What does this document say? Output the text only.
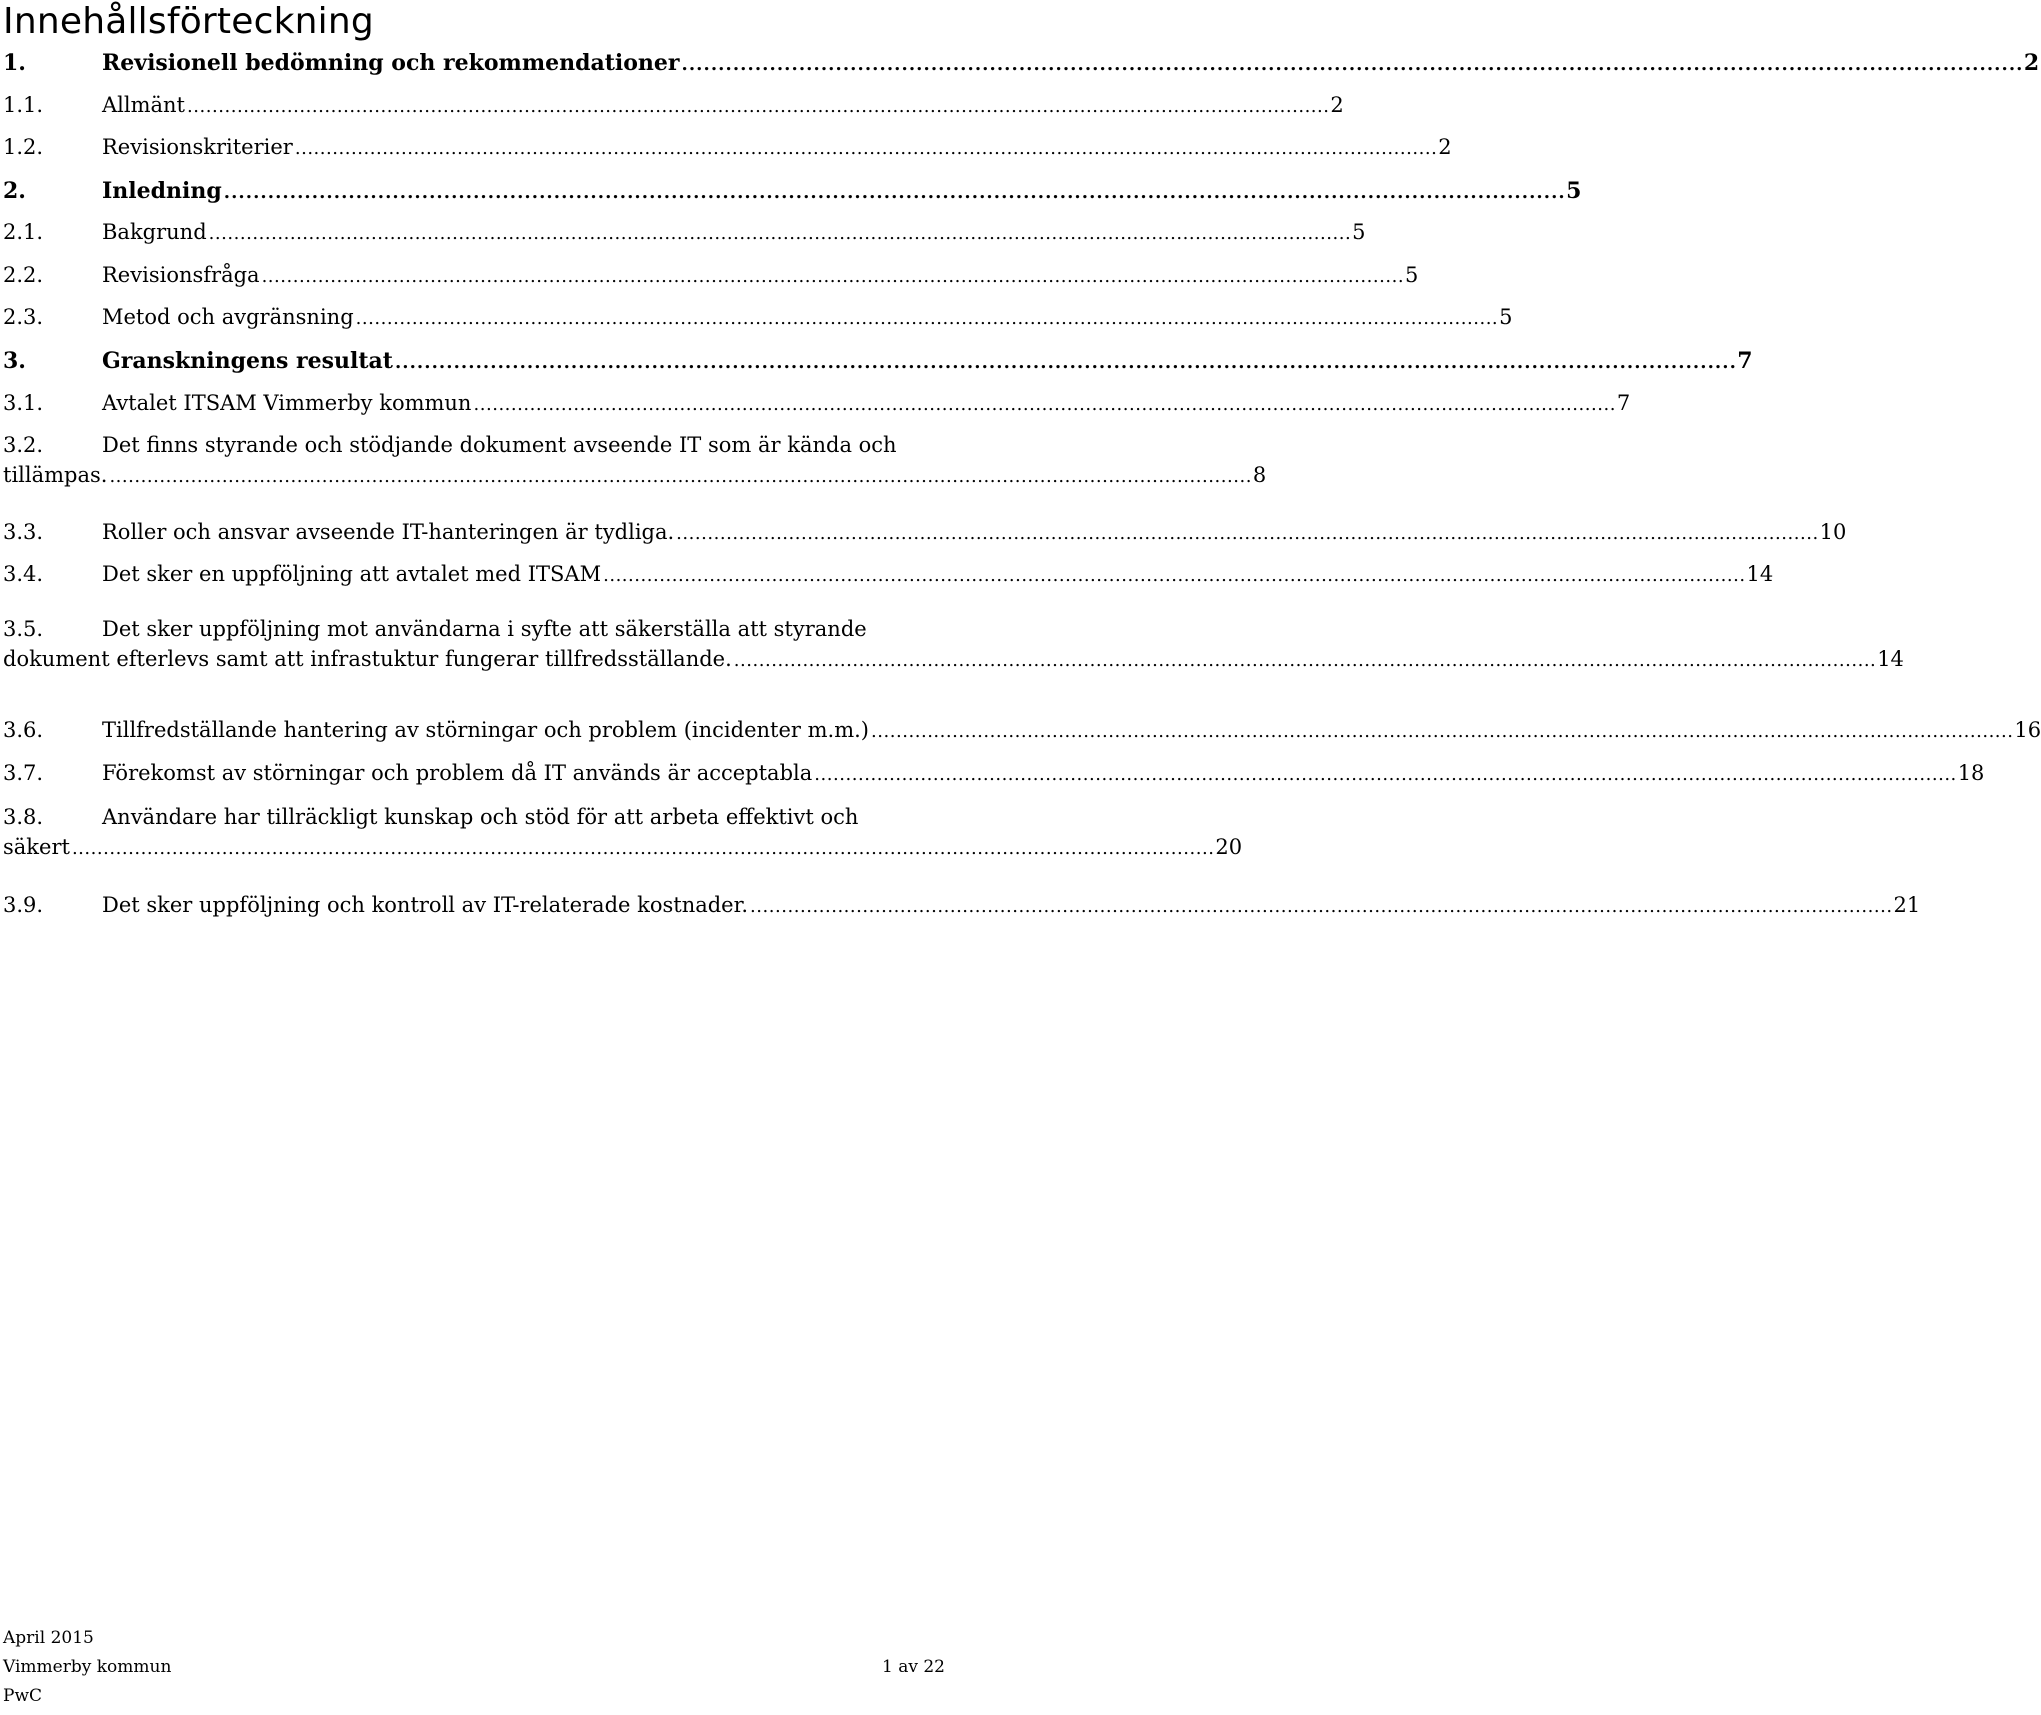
Innehållsförteckning
1.	Revisionell bedömning och rekommendationer . . .	2
1.1.	Allmänt . . .	2
1.2.	Revisionskriterier . . .	2
2.	Inledning . . .	5
2.1.	Bakgrund . . .	5
2.2.	Revisionsfråga . . .	5
2.3.	Metod och avgränsning . . .	5
3.	Granskningens resultat . . .	7
3.1.	Avtalet ITSAM Vimmerby kommun . . .	7
3.2.	Det finns styrande och stödjande dokument avseende IT som är kända och
tillämpas. . . .	8
3.3.	Roller och ansvar avseende IT-hanteringen är tydliga. . . .	10
3.4.	Det sker en uppföljning att avtalet med ITSAM . . .	14
3.5.	Det sker uppföljning mot användarna i syfte att säkerställa att styrande
dokument efterlevs samt att infrastuktur fungerar tillfredsställande. . . .	14
3.6.	Tillfredställande hantering av störningar och problem (incidenter m.m.) . . .	16
3.7.	Förekomst av störningar och problem då IT används är acceptabla . . .	18
3.8.	Användare har tillräckligt kunskap och stöd för att arbeta effektivt och
säkert . . .	20
3.9.	Det sker uppföljning och kontroll av IT-relaterade kostnader. . . .	21
April 2015
Vimmerby kommun	1 av 22
PwC
